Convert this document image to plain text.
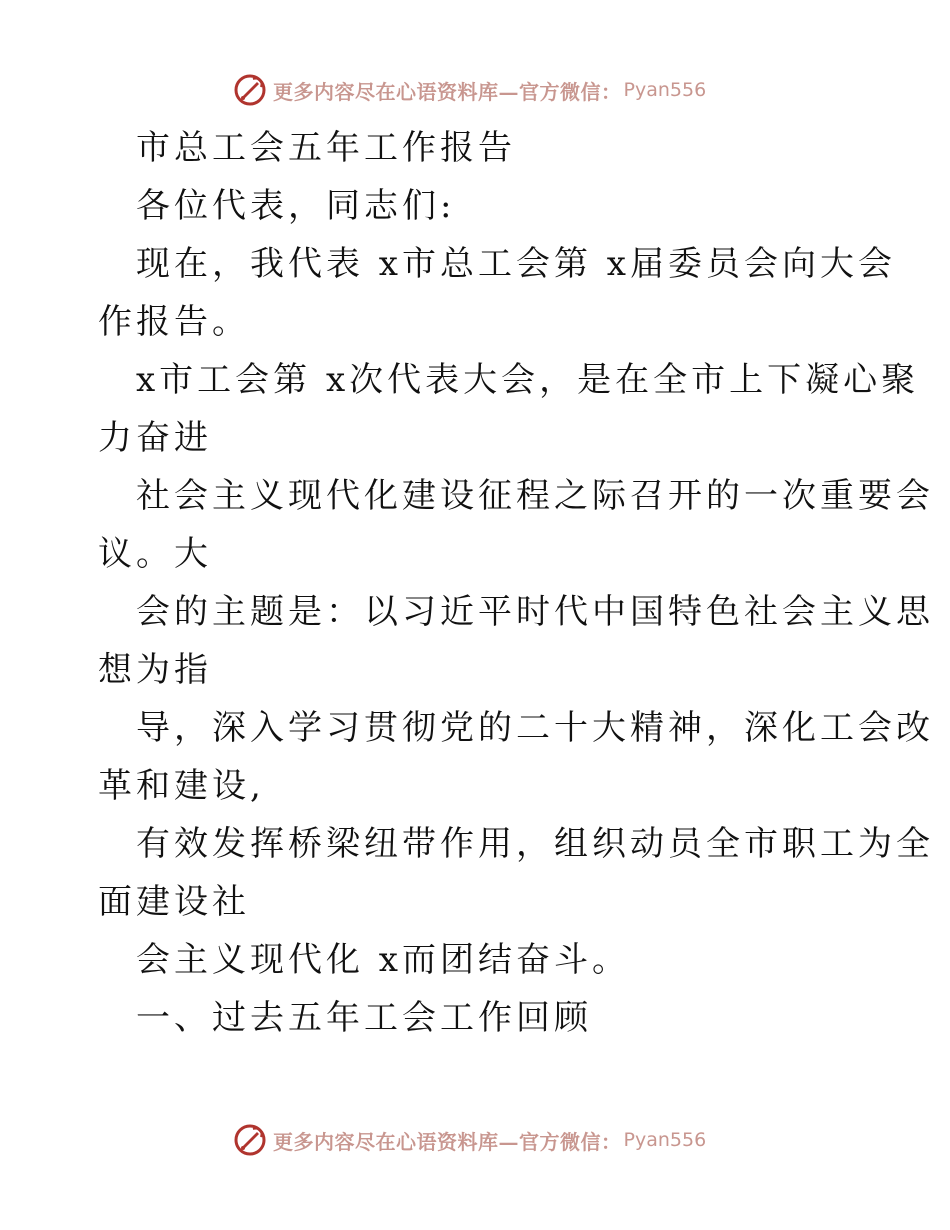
更多内容尽在心语资料库—官方微信： Pyan556
市总工会五年工作报告
各位代表，同志们:
现在，我代表 x市总工会第 x届委员会向大会
作报告。
x市工会第 x次代表大会，是在全市上下凝心聚
力奋进
社会主义现代化建设征程之际召开的一次重要会
议。大
会的主题是：以习近平时代中国特色社会主义思
想为指
导，深入学习贯彻党的二十大精神，深化工会改
革和建设,
有效发挥桥梁纽带作用，组织动员全市职工为全
面建设社
会主义现代化 x而团结奋斗。
一、过去五年工会工作回顾
更多内容尽在心语资料库—官方微信： Pyan556
